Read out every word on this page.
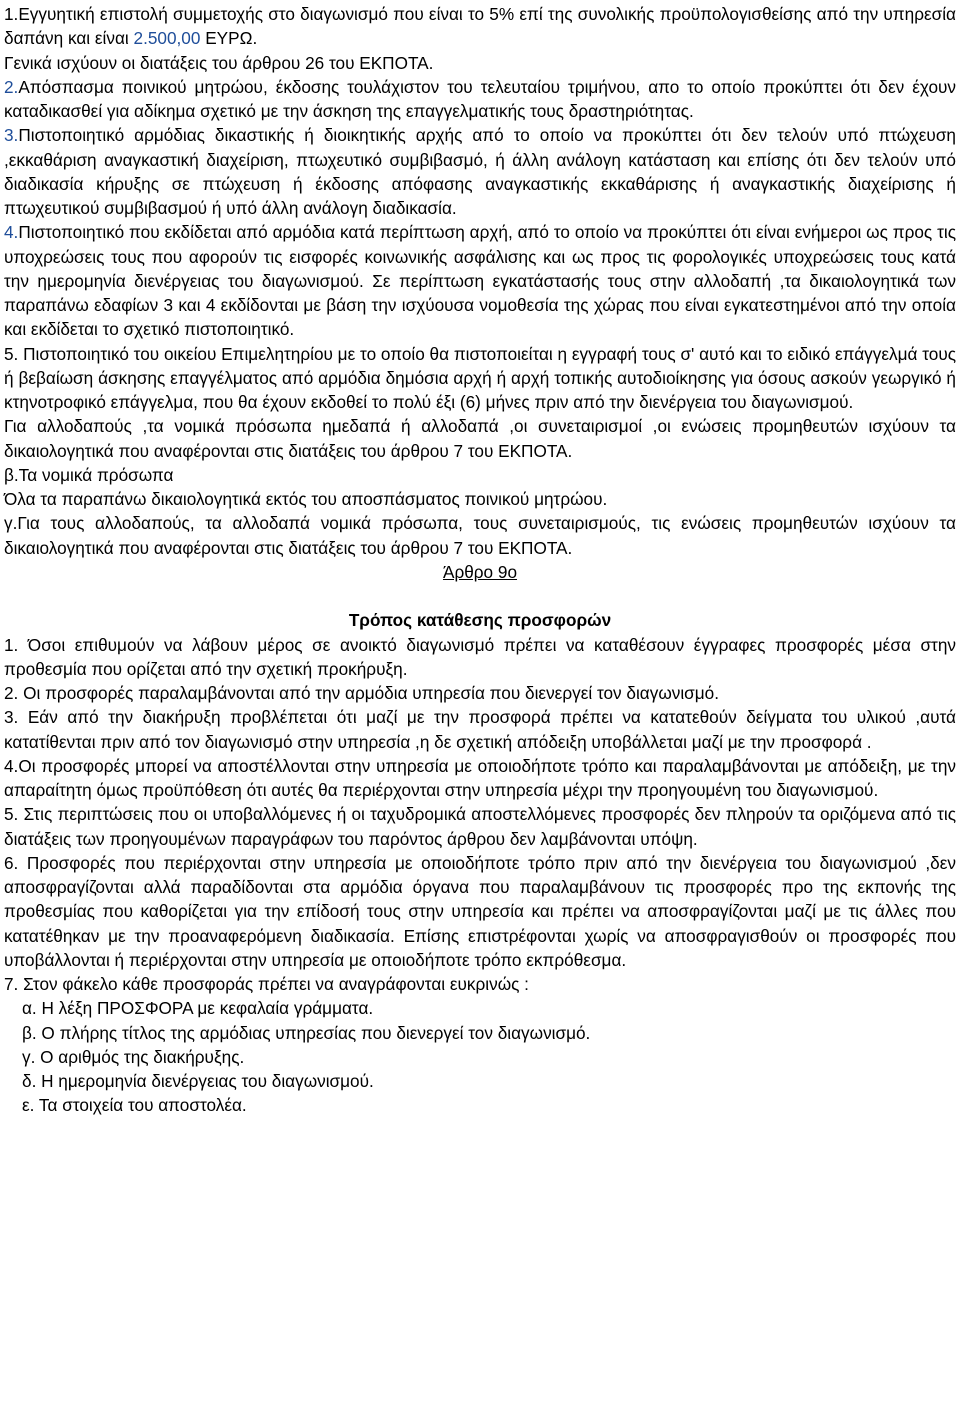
1.Εγγυητική επιστολή συμμετοχής στο διαγωνισμό που είναι το 5% επί της συνολικής προϋπολογισθείσης από την υπηρεσία δαπάνη και είναι 2.500,00 ΕΥΡΩ.

Γενικά ισχύουν οι διατάξεις του άρθρου 26 του ΕΚΠΟΤΑ.

2.Απόσπασμα ποινικού μητρώου, έκδοσης τουλάχιστον του τελευταίου τριμήνου, απο το οποίο προκύπτει ότι δεν έχουν καταδικασθεί για αδίκημα σχετικό με την άσκηση της επαγγελματικής τους δραστηριότητας.

3.Πιστοποιητικό αρμόδιας δικαστικής ή διοικητικής αρχής από το οποίο να προκύπτει ότι δεν τελούν υπό πτώχευση ,εκκαθάριση αναγκαστική διαχείριση, πτωχευτικό συμβιβασμό, ή άλλη ανάλογη κατάσταση και επίσης ότι δεν τελούν υπό διαδικασία κήρυξης σε πτώχευση ή έκδοσης απόφασης αναγκαστικής εκκαθάρισης ή αναγκαστικής διαχείρισης ή πτωχευτικού συμβιβασμού ή υπό άλλη ανάλογη διαδικασία.

4.Πιστοποιητικό που εκδίδεται από αρμόδια κατά περίπτωση αρχή, από το οποίο να προκύπτει ότι είναι ενήμεροι ως προς τις υποχρεώσεις τους που αφορούν τις εισφορές κοινωνικής ασφάλισης και ως προς τις φορολογικές υποχρεώσεις τους κατά την ημερομηνία διενέργειας του διαγωνισμού. Σε περίπτωση εγκατάστασής τους στην αλλοδαπή ,τα δικαιολογητικά των παραπάνω εδαφίων 3 και 4 εκδίδονται με βάση την ισχύουσα νομοθεσία της χώρας που είναι εγκατεστημένοι από την οποία και εκδίδεται το σχετικό πιστοποιητικό.

5. Πιστοποιητικό του οικείου Επιμελητηρίου με το οποίο θα πιστοποιείται η εγγραφή τους σ' αυτό και το ειδικό επάγγελμά τους ή βεβαίωση άσκησης επαγγέλματος από αρμόδια δημόσια αρχή ή αρχή τοπικής αυτοδιοίκησης για όσους ασκούν γεωργικό ή κτηνοτροφικό επάγγελμα, που θα έχουν εκδοθεί το πολύ έξι (6) μήνες πριν από την διενέργεια του διαγωνισμού.

Για αλλοδαπούς ,τα νομικά πρόσωπα ημεδαπά ή αλλοδαπά ,οι συνεταιρισμοί ,οι ενώσεις προμηθευτών ισχύουν τα δικαιολογητικά που αναφέρονται στις διατάξεις του άρθρου 7 του ΕΚΠΟΤΑ.

β.Τα νομικά πρόσωπα

Όλα τα παραπάνω δικαιολογητικά εκτός του αποσπάσματος ποινικού μητρώου.

γ.Για τους αλλοδαπούς, τα αλλοδαπά νομικά πρόσωπα, τους συνεταιρισμούς, τις ενώσεις προμηθευτών ισχύουν τα δικαιολογητικά που αναφέρονται στις διατάξεις του άρθρου 7 του ΕΚΠΟΤΑ.

Άρθρο 9ο

Τρόπος κατάθεσης προσφορών

1. Όσοι επιθυμούν να λάβουν μέρος σε ανοικτό διαγωνισμό πρέπει να καταθέσουν έγγραφες προσφορές μέσα στην προθεσμία που ορίζεται από την σχετική προκήρυξη.

2. Οι προσφορές παραλαμβάνονται από την αρμόδια υπηρεσία που διενεργεί τον διαγωνισμό.

3. Εάν από την διακήρυξη προβλέπεται ότι μαζί με την προσφορά πρέπει να κατατεθούν δείγματα του υλικού ,αυτά κατατίθενται πριν από τον διαγωνισμό στην υπηρεσία ,η δε σχετική απόδειξη υποβάλλεται μαζί με την προσφορά .

4.Οι προσφορές μπορεί να αποστέλλονται στην υπηρεσία με οποιοδήποτε τρόπο και παραλαμβάνονται με απόδειξη, με την απαραίτητη όμως προϋπόθεση ότι αυτές θα περιέρχονται στην υπηρεσία μέχρι την προηγουμένη του διαγωνισμού.

5. Στις περιπτώσεις που οι υποβαλλόμενες ή οι ταχυδρομικά αποστελλόμενες προσφορές δεν πληρούν τα οριζόμενα από τις διατάξεις των προηγουμένων παραγράφων του παρόντος άρθρου δεν λαμβάνονται υπόψη.

6. Προσφορές που περιέρχονται στην υπηρεσία με οποιοδήποτε τρόπο πριν από την διενέργεια του διαγωνισμού ,δεν αποσφραγίζονται αλλά παραδίδονται στα αρμόδια όργανα που παραλαμβάνουν τις προσφορές προ της εκπονής της προθεσμίας που καθορίζεται για την επίδοσή τους στην υπηρεσία και πρέπει να αποσφραγίζονται μαζί με τις άλλες που κατατέθηκαν με την προαναφερόμενη διαδικασία. Επίσης επιστρέφονται χωρίς να αποσφραγισθούν οι προσφορές που υποβάλλονται ή περιέρχονται στην υπηρεσία με οποιοδήποτε τρόπο εκπρόθεσμα.

7. Στον φάκελο κάθε προσφοράς πρέπει να αναγράφονται ευκρινώς :

α. Η λέξη ΠΡΟΣΦΟΡΑ με κεφαλαία γράμματα.

β. Ο πλήρης τίτλος της αρμόδιας υπηρεσίας που διενεργεί τον διαγωνισμό.

γ. Ο αριθμός της διακήρυξης.

δ. Η ημερομηνία διενέργειας του διαγωνισμού.

ε. Τα στοιχεία του αποστολέα.
